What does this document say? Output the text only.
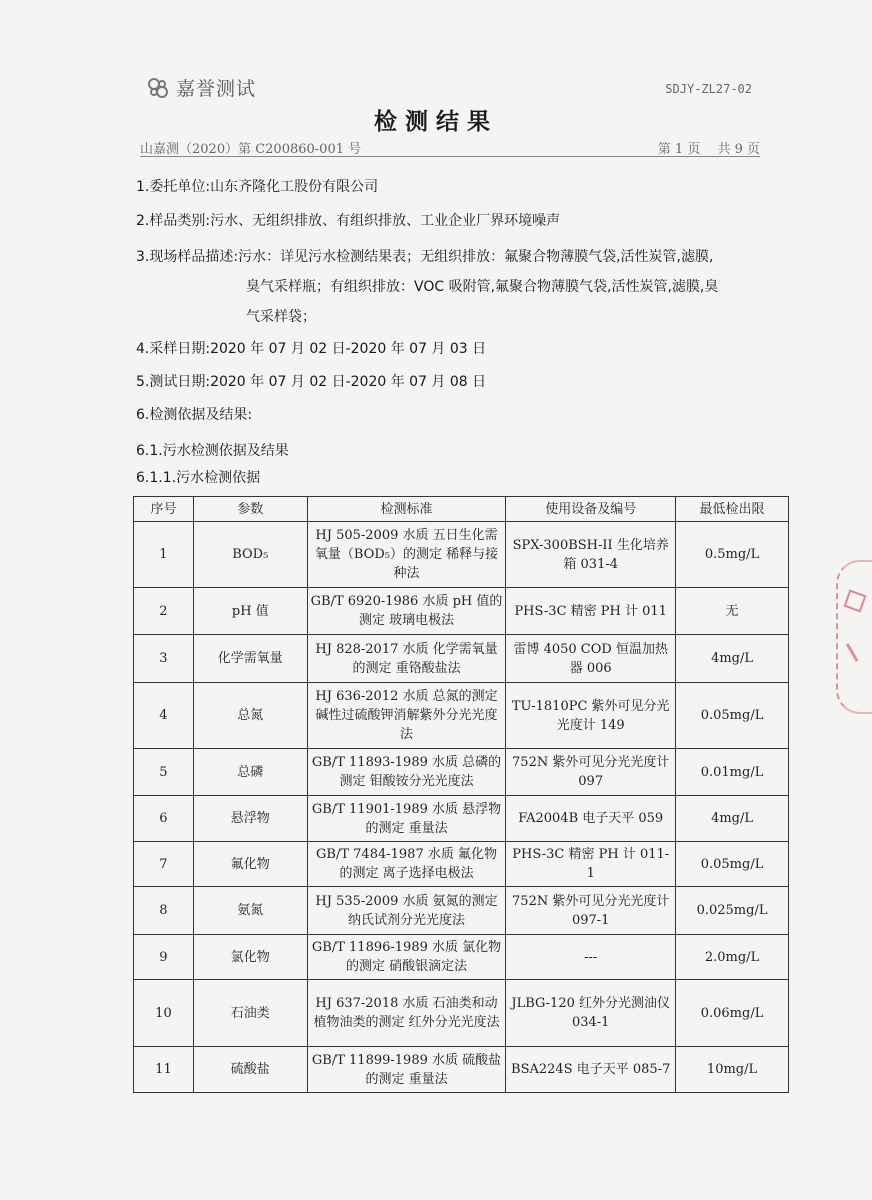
嘉誉测试	SDJY-ZL27-02
检测结果
山嘉测（2020）第 C200860-001 号	第 1 页　 共 9 页
1.委托单位:山东齐隆化工股份有限公司
2.样品类别:污水、无组织排放、有组织排放、工业企业厂界环境噪声
3.现场样品描述:污水：详见污水检测结果表；无组织排放：氟聚合物薄膜气袋,活性炭管,滤膜,
臭气采样瓶；有组织排放：VOC 吸附管,氟聚合物薄膜气袋,活性炭管,滤膜,臭
气采样袋；
4.采样日期:2020 年 07 月 02 日-2020 年 07 月 03 日
5.测试日期:2020 年 07 月 02 日-2020 年 07 月 08 日
6.检测依据及结果:
6.1.污水检测依据及结果
6.1.1.污水检测依据
序号	参数	检测标准	使用设备及编号	最低检出限
1	BOD₅	HJ 505-2009 水质 五日生化需氧量（BOD₅）的测定 稀释与接种法	SPX-300BSH-II 生化培养箱 031-4	0.5mg/L
2	pH 值	GB/T 6920-1986 水质 pH 值的测定 玻璃电极法	PHS-3C 精密 PH 计 011	无
3	化学需氧量	HJ 828-2017 水质 化学需氧量的测定 重铬酸盐法	雷博 4050 COD 恒温加热器 006	4mg/L
4	总氮	HJ 636-2012 水质 总氮的测定碱性过硫酸钾消解紫外分光光度法	TU-1810PC 紫外可见分光光度计 149	0.05mg/L
5	总磷	GB/T 11893-1989 水质 总磷的测定 钼酸铵分光光度法	752N 紫外可见分光光度计 097	0.01mg/L
6	悬浮物	GB/T 11901-1989 水质 悬浮物的测定 重量法	FA2004B 电子天平 059	4mg/L
7	氟化物	GB/T 7484-1987 水质 氟化物的测定 离子选择电极法	PHS-3C 精密 PH 计 011-1	0.05mg/L
8	氨氮	HJ 535-2009 水质 氨氮的测定纳氏试剂分光光度法	752N 紫外可见分光光度计 097-1	0.025mg/L
9	氯化物	GB/T 11896-1989 水质 氯化物的测定 硝酸银滴定法	---	2.0mg/L
10	石油类	HJ 637-2018 水质 石油类和动植物油类的测定 红外分光光度法	JLBG-120 红外分光测油仪 034-1	0.06mg/L
11	硫酸盐	GB/T 11899-1989 水质 硫酸盐的测定 重量法	BSA224S 电子天平 085-7	10mg/L
